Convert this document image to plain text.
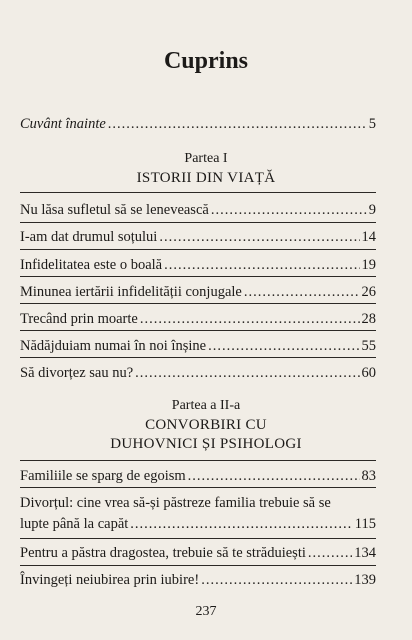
Cuprins
Cuvânt înainte .....	5
Partea I
ISTORII DIN VIAȚĂ
Nu lăsa sufletul să se lenevească .....	9
I-am dat drumul soțului .....	14
Infidelitatea este o boală .....	19
Minunea iertării infidelității conjugale .....	26
Trecând prin moarte .....	28
Nădăjduiam numai în noi înșine .....	55
Să divorțez sau nu? .....	60
Partea a II-a
CONVORBIRI CU
DUHOVNICI ȘI PSIHOLOGI
Familiile se sparg de egoism .....	83
Divorțul: cine vrea să-și păstreze familia trebuie să se
lupte până la capăt .....	115
Pentru a păstra dragostea, trebuie să te străduiești .....	134
Învingeți neiubirea prin iubire! .....	139
237
